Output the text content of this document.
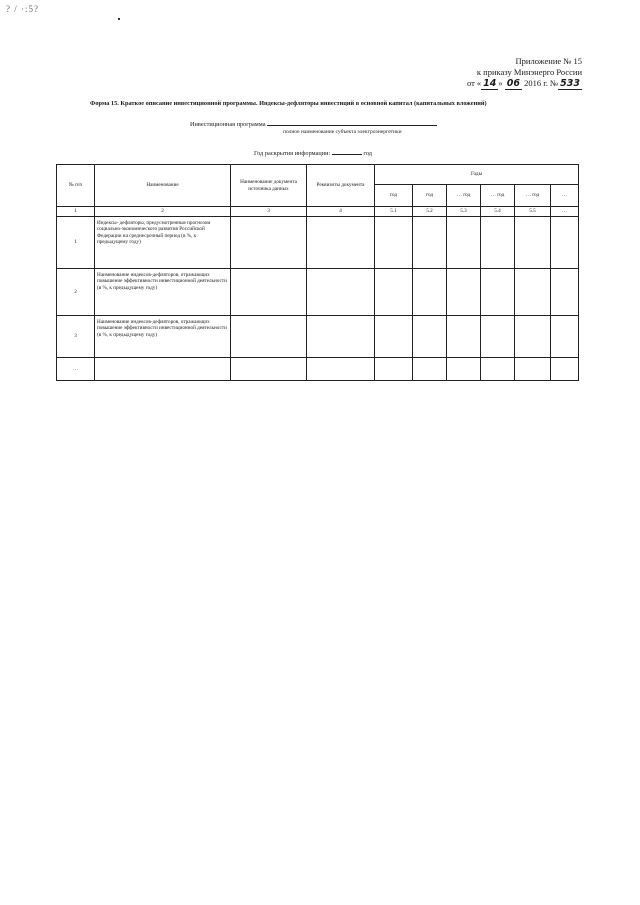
? / ·:5?
Приложение № 15
к приказу Минэнерго России
от « 14 » 06 2016 г. № 533
Форма 15. Краткое описание инвестиционной программы. Индексы-дефляторы инвестиций в основной капитал (капитальных вложений)
Инвестиционная программа
полное наименование субъекта электроэнергетики
Год раскрытия информации:	год
№ п/п	Наименование	Наименование документа источника данных	Реквизиты документа	Годы					
				год	год	… год	… год	… год	…
1	2	3	4	5.1	5.2	5.3	5.4	5.5	…
1	Индексы- дефляторы, предусмотренные прогнозом социально-экономического развития Российской Федерации на среднесрочный период (в %, к предыдущему году)								
2	Наименование индексов-дефляторов, отражающих повышение эффективности инвестиционной деятельности (в %, к предыдущему году)								
3	Наименование индексов-дефляторов, отражающих повышение эффективности инвестиционной деятельности (в %, к предыдущему году)								
…									
